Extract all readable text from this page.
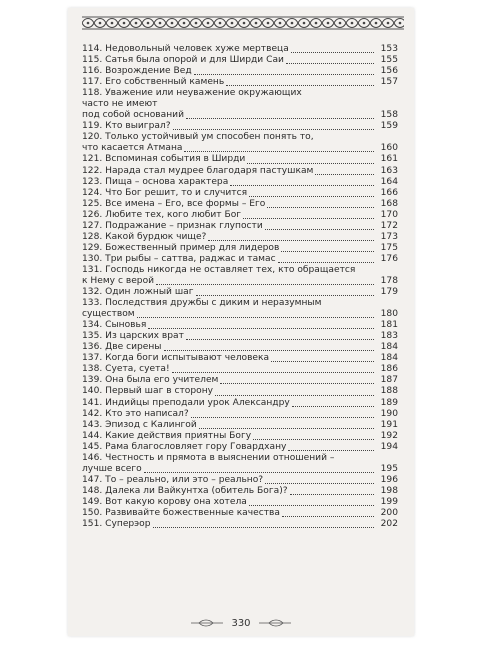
114. Недовольный человек хуже мертвеца	153
115. Сатья была опорой и для Ширди Саи	155
116. Возрождение Вед	156
117. Его собственный камень	157
118. Уважение или неуважение окружающих
часто не имеют
под собой оснований	158
119. Кто выиграл?	159
120. Только устойчивый ум способен понять то,
что касается Атмана	160
121. Вспоминая события в Ширди	161
122. Нарада стал мудрее благодаря пастушкам	163
123. Пища – основа характера	164
124. Что Бог решит, то и случится	166
125. Все имена – Его, все формы – Его	168
126. Любите тех, кого любит Бог	170
127. Подражание – признак глупости	172
128. Какой бурдюк чище?	173
129. Божественный пример для лидеров	175
130. Три рыбы – саттва, раджас и тамас	176
131. Господь никогда не оставляет тех, кто обращается
к Нему с верой	178
132. Один ложный шаг	179
133. Последствия дружбы с диким и неразумным
существом	180
134. Сыновья	181
135. Из царских врат	183
136. Две сирены	184
137. Когда боги испытывают человека	184
138. Суета, суета!	186
139. Она была его учителем	187
140. Первый шаг в сторону	188
141. Индийцы преподали урок Александру	189
142. Кто это написал?	190
143. Эпизод с Калингой	191
144. Какие действия приятны Богу	192
145. Рама благословляет гору Говардхану	194
146. Честность и прямота в выяснении отношений –
лучше всего	195
147. То – реально, или это – реально?	196
148. Далека ли Вайкунтха (обитель Бога)?	198
149. Вот какую корову она хотела	199
150. Развивайте божественные качества	200
151. Суперэор	202
330
